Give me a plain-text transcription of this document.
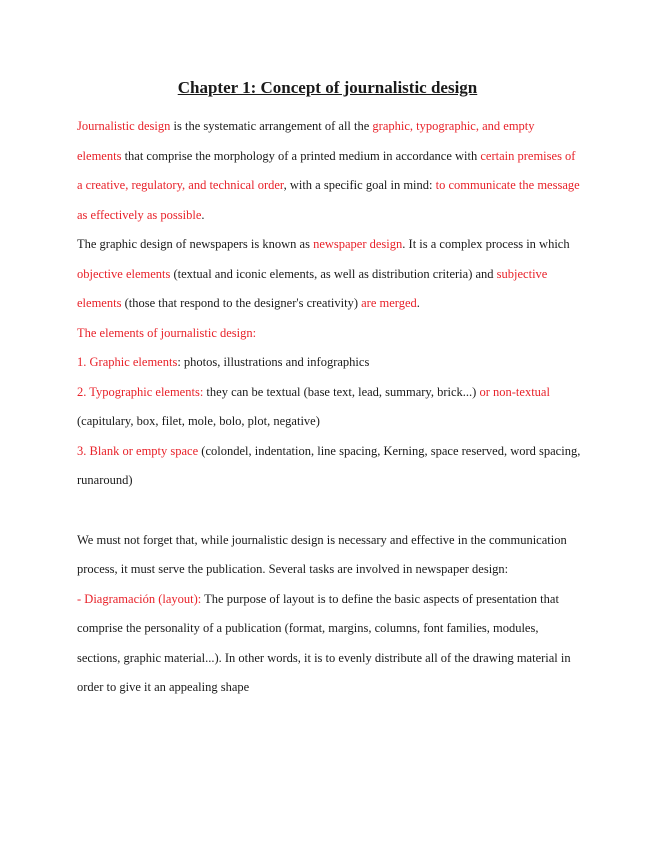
Chapter 1: Concept of journalistic design

Journalistic design is the systematic arrangement of all the graphic, typographic, and empty elements that comprise the morphology of a printed medium in accordance with certain premises of a creative, regulatory, and technical order, with a specific goal in mind: to communicate the message as effectively as possible.

The graphic design of newspapers is known as newspaper design. It is a complex process in which objective elements (textual and iconic elements, as well as distribution criteria) and subjective elements (those that respond to the designer's creativity) are merged.

The elements of journalistic design:

1. Graphic elements: photos, illustrations and infographics

2. Typographic elements: they can be textual (base text, lead, summary, brick...) or non-textual (capitulary, box, filet, mole, bolo, plot, negative)

3. Blank or empty space (colondel, indentation, line spacing, Kerning, space reserved, word spacing, runaround)

We must not forget that, while journalistic design is necessary and effective in the communication process, it must serve the publication. Several tasks are involved in newspaper design:

- Diagramación (layout): The purpose of layout is to define the basic aspects of presentation that comprise the personality of a publication (format, margins, columns, font families, modules, sections, graphic material...). In other words, it is to evenly distribute all of the drawing material in order to give it an appealing shape
